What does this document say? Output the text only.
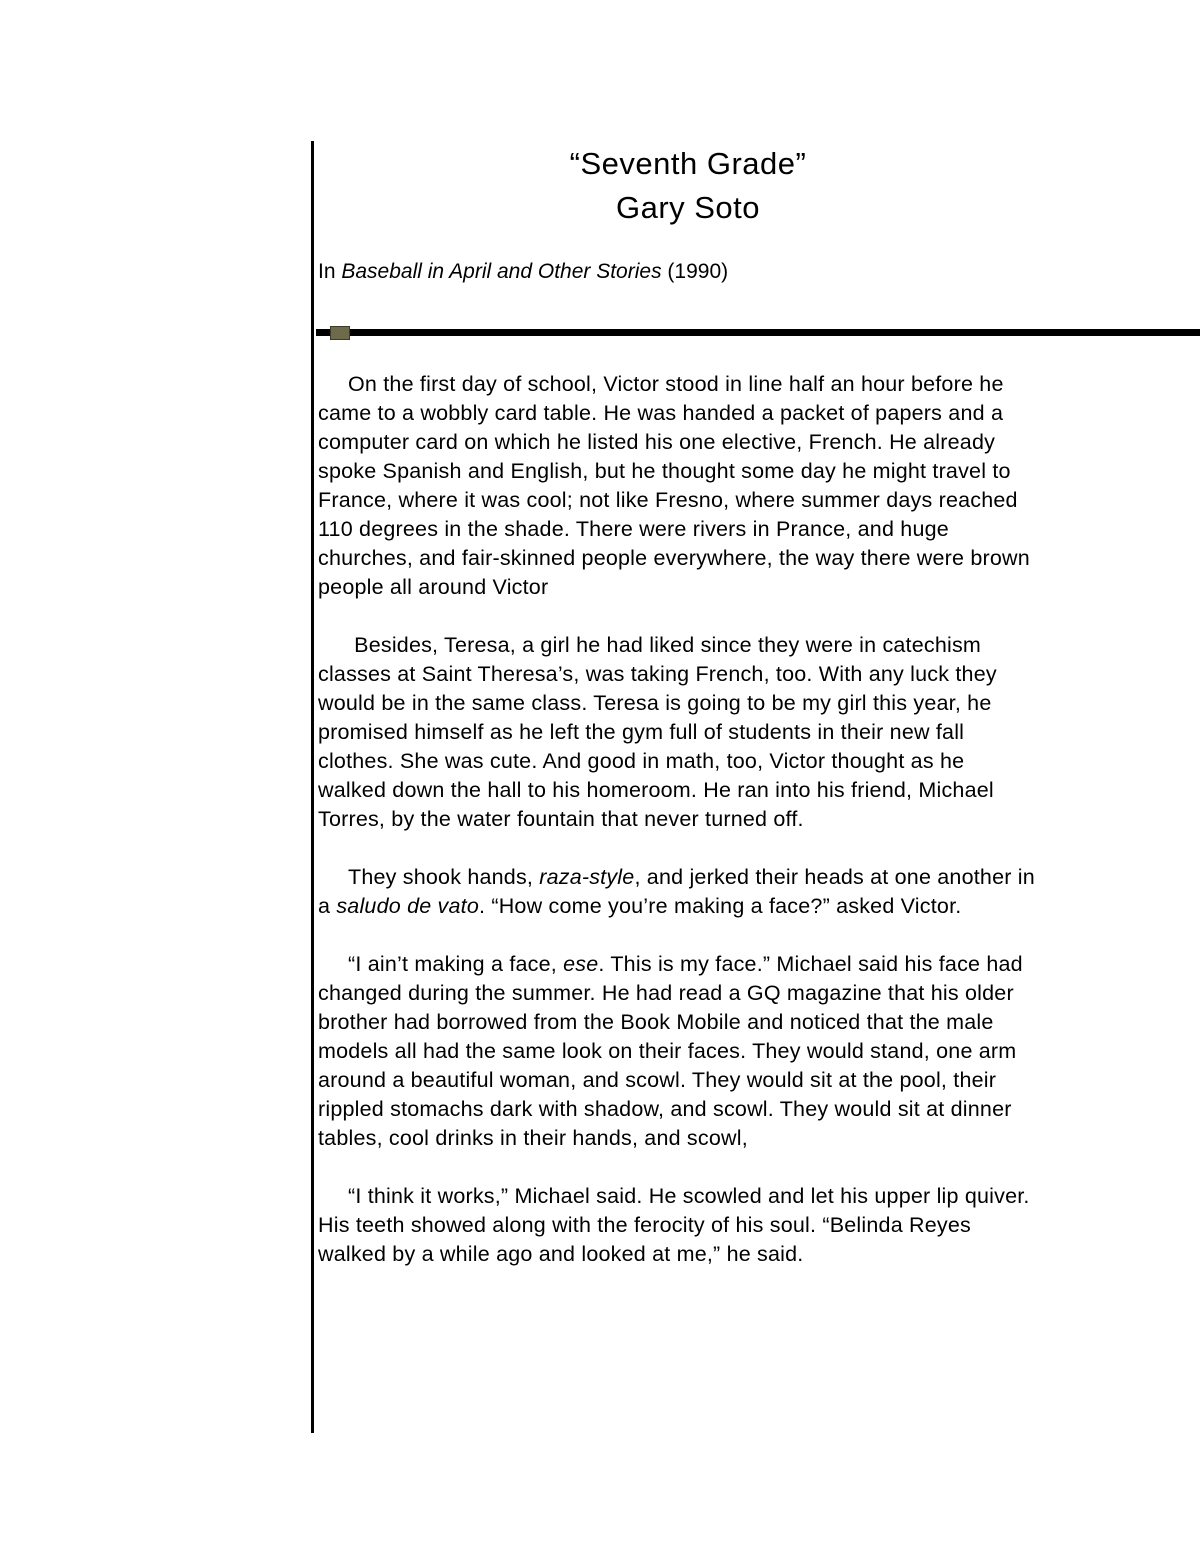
“Seventh Grade”
Gary Soto
In Baseball in April and Other Stories (1990)

On the first day of school, Victor stood in line half an hour before he came to a wobbly card table. He was handed a packet of papers and a computer card on which he listed his one elective, French. He already spoke Spanish and English, but he thought some day he might travel to France, where it was cool; not like Fresno, where summer days reached 110 degrees in the shade. There were rivers in Prance, and huge churches, and fair-skinned people everywhere, the way there were brown people all around Victor

Besides, Teresa, a girl he had liked since they were in catechism classes at Saint Theresa’s, was taking French, too. With any luck they would be in the same class. Teresa is going to be my girl this year, he promised himself as he left the gym full of students in their new fall clothes. She was cute. And good in math, too, Victor thought as he walked down the hall to his homeroom. He ran into his friend, Michael Torres, by the water fountain that never turned off.

They shook hands, raza-style, and jerked their heads at one another in a saludo de vato. “How come you’re making a face?” asked Victor.

“I ain’t making a face, ese. This is my face.” Michael said his face had changed during the summer. He had read a GQ magazine that his older brother had borrowed from the Book Mobile and noticed that the male models all had the same look on their faces. They would stand, one arm around a beautiful woman, and scowl. They would sit at the pool, their rippled stomachs dark with shadow, and scowl. They would sit at dinner tables, cool drinks in their hands, and scowl,

“I think it works,” Michael said. He scowled and let his upper lip quiver. His teeth showed along with the ferocity of his soul. “Belinda Reyes walked by a while ago and looked at me,” he said.
